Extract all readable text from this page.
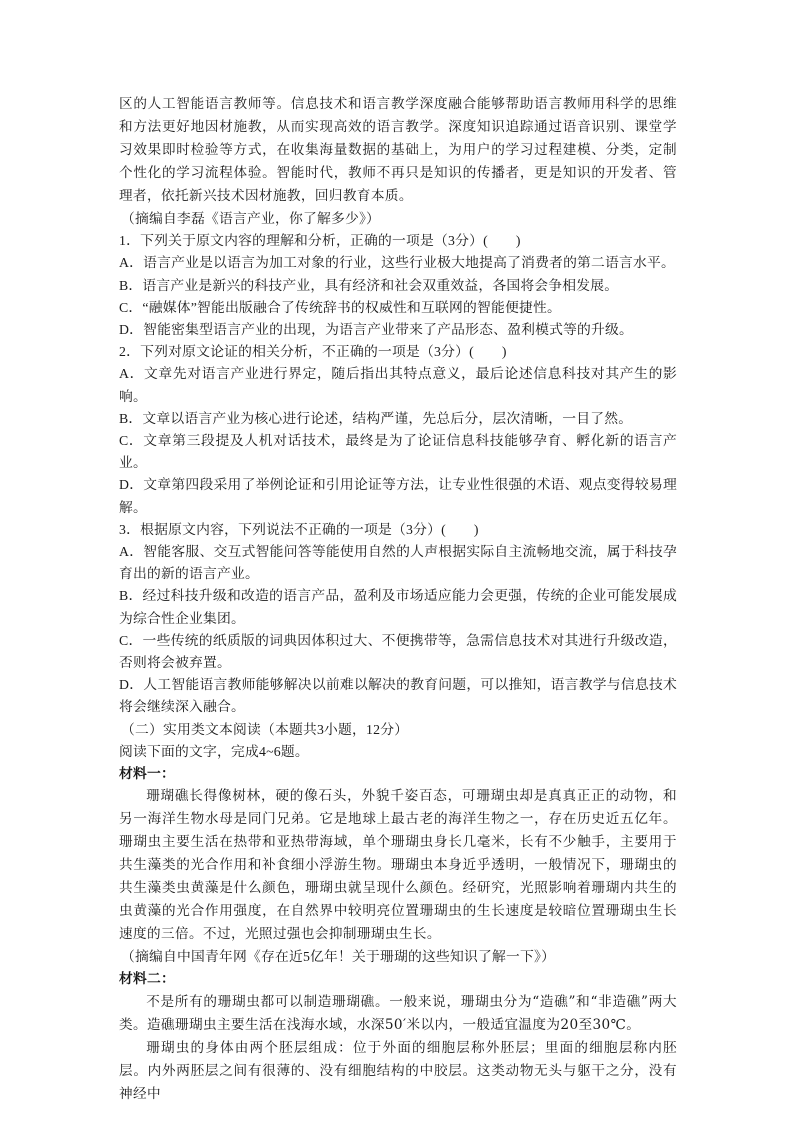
区的人工智能语言教师等。信息技术和语言教学深度融合能够帮助语言教师用科学的思维和方法更好地因材施教，从而实现高效的语言教学。深度知识追踪通过语音识别、课堂学习效果即时检验等方式，在收集海量数据的基础上，为用户的学习过程建模、分类，定制个性化的学习流程体验。智能时代，教师不再只是知识的传播者，更是知识的开发者、管理者，依托新兴技术因材施教，回归教育本质。

（摘编自李磊《语言产业，你了解多少》）

1．下列关于原文内容的理解和分析，正确的一项是（3分）(　　)

A．语言产业是以语言为加工对象的行业，这些行业极大地提高了消费者的第二语言水平。

B．语言产业是新兴的科技产业，具有经济和社会双重效益，各国将会争相发展。

C．“融媒体”智能出版融合了传统辞书的权威性和互联网的智能便捷性。

D．智能密集型语言产业的出现，为语言产业带来了产品形态、盈利模式等的升级。

2．下列对原文论证的相关分析，不正确的一项是（3分）(　　)

A．文章先对语言产业进行界定，随后指出其特点意义，最后论述信息科技对其产生的影响。

B．文章以语言产业为核心进行论述，结构严谨，先总后分，层次清晰，一目了然。

C．文章第三段提及人机对话技术，最终是为了论证信息科技能够孕育、孵化新的语言产业。

D．文章第四段采用了举例论证和引用论证等方法，让专业性很强的术语、观点变得较易理解。

3．根据原文内容，下列说法不正确的一项是（3分）(　　)

A．智能客服、交互式智能问答等能使用自然的人声根据实际自主流畅地交流，属于科技孕育出的新的语言产业。

B．经过科技升级和改造的语言产品，盈利及市场适应能力会更强，传统的企业可能发展成为综合性企业集团。

C．一些传统的纸质版的词典因体积过大、不便携带等，急需信息技术对其进行升级改造，否则将会被弃置。

D．人工智能语言教师能够解决以前难以解决的教育问题，可以推知，语言教学与信息技术将会继续深入融合。

（二）实用类文本阅读（本题共3小题，12分）

阅读下面的文字，完成4~6题。

材料一：

珊瑚礁长得像树林，硬的像石头，外貌千姿百态，可珊瑚虫却是真真正正的动物，和另一海洋生物水母是同门兄弟。它是地球上最古老的海洋生物之一，存在历史近五亿年。珊瑚虫主要生活在热带和亚热带海域，单个珊瑚虫身长几毫米，长有不少触手，主要用于共生藻类的光合作用和补食细小浮游生物。珊瑚虫本身近乎透明，一般情况下，珊瑚虫的共生藻类虫黄藻是什么颜色，珊瑚虫就呈现什么颜色。经研究，光照影响着珊瑚内共生的虫黄藻的光合作用强度，在自然界中较明亮位置珊瑚虫的生长速度是较暗位置珊瑚虫生长速度的三倍。不过，光照过强也会抑制珊瑚虫生长。

（摘编自中国青年网《存在近5亿年！关于珊瑚的这些知识了解一下》）

材料二：

不是所有的珊瑚虫都可以制造珊瑚礁。一般来说，珊瑚虫分为“造礁”和“非造礁”两大类。造礁珊瑚虫主要生活在浅海水域，水深50′米以内，一般适宜温度为20至30℃。

珊瑚虫的身体由两个胚层组成：位于外面的细胞层称外胚层；里面的细胞层称内胚层。内外两胚层之间有很薄的、没有细胞结构的中胶层。这类动物无头与躯干之分，没有神经中
